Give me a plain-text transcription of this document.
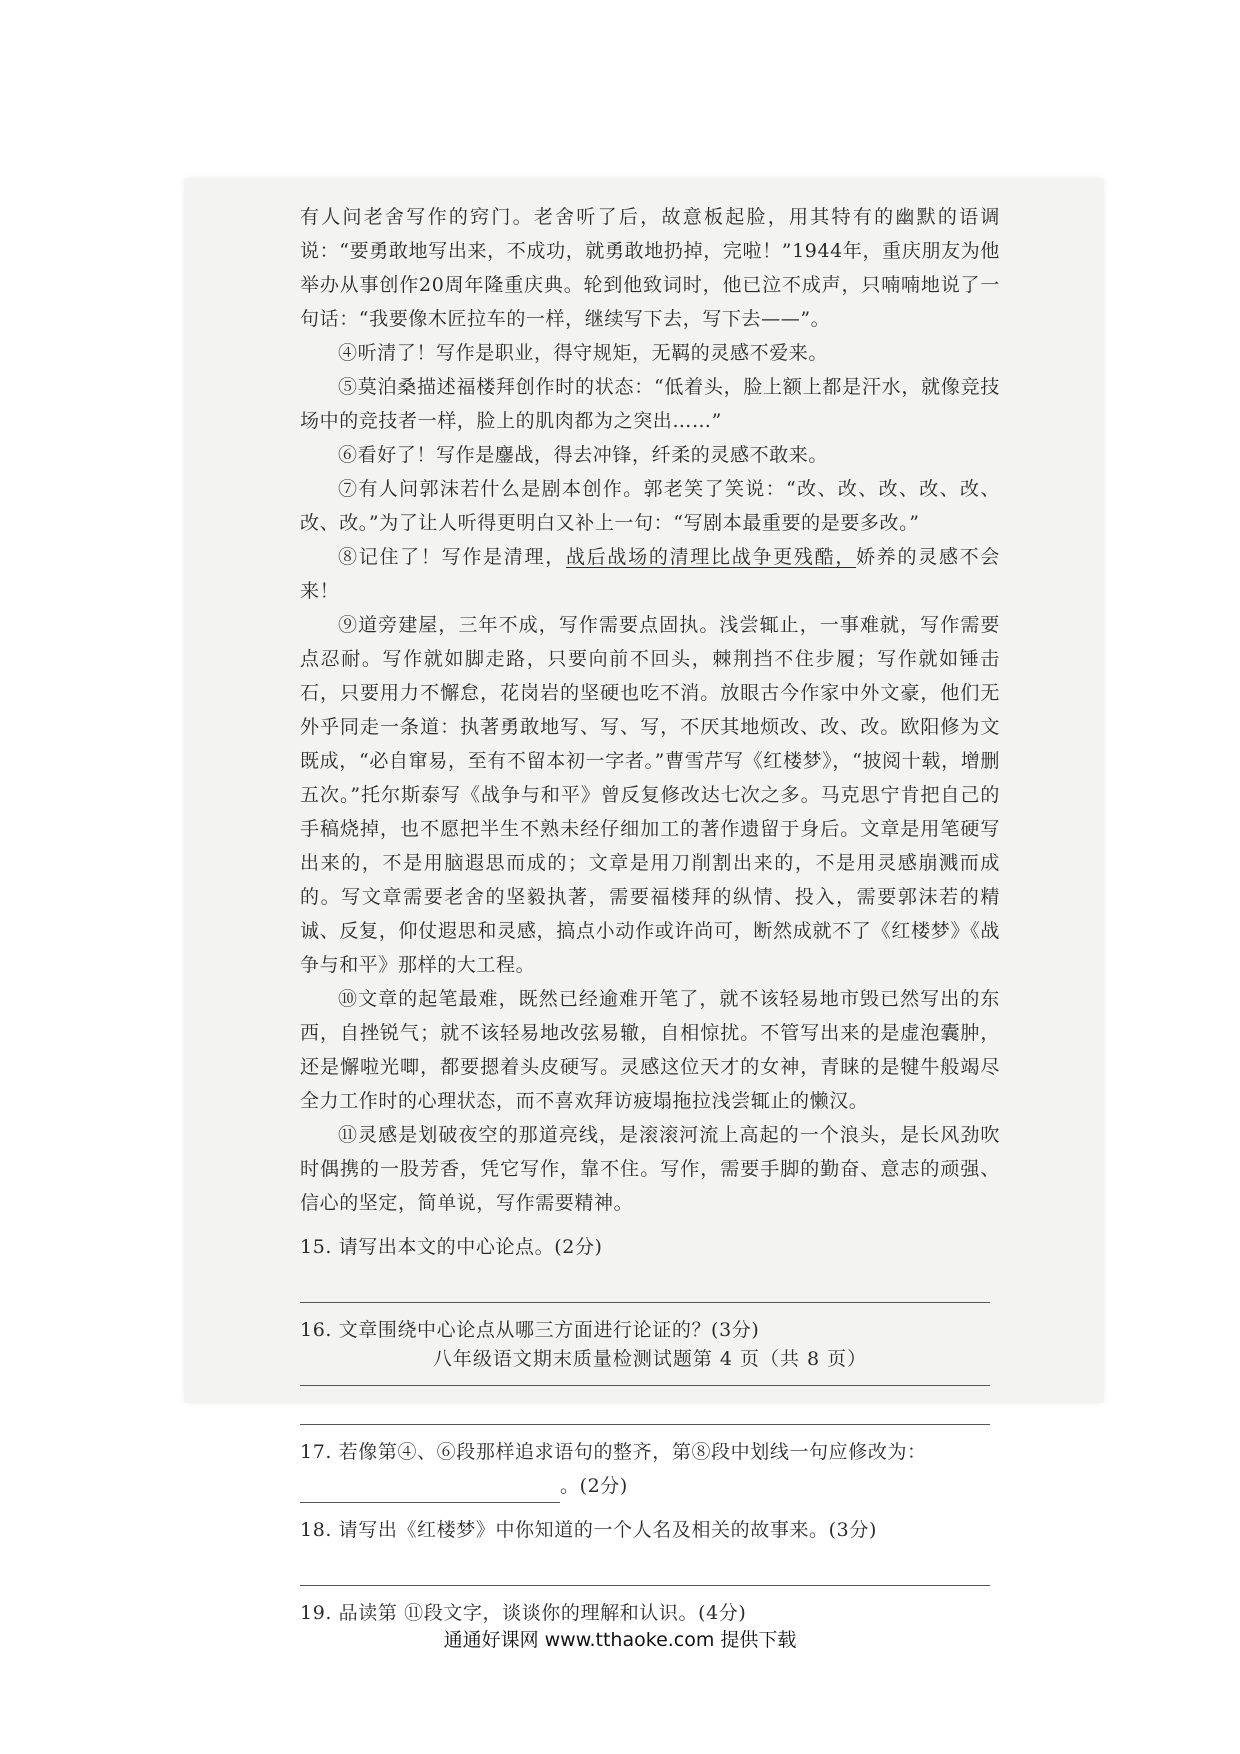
有人问老舍写作的窍门。老舍听了后，故意板起脸，用其特有的幽默的语调说：“要勇敢地写出来，不成功，就勇敢地扔掉，完啦！”1944年，重庆朋友为他举办从事创作20周年隆重庆典。轮到他致词时，他已泣不成声，只喃喃地说了一句话：“我要像木匠拉车的一样，继续写下去，写下去——”。

④听清了！写作是职业，得守规矩，无羁的灵感不爱来。

⑤莫泊桑描述福楼拜创作时的状态：“低着头，脸上额上都是汗水，就像竞技场中的竞技者一样，脸上的肌肉都为之突出……”

⑥看好了！写作是鏖战，得去冲锋，纤柔的灵感不敢来。

⑦有人问郭沫若什么是剧本创作。郭老笑了笑说：“改、改、改、改、改、改、改。”为了让人听得更明白又补上一句：“写剧本最重要的是要多改。”

⑧记住了！写作是清理，战后战场的清理比战争更残酷，娇养的灵感不会来！

⑨道旁建屋，三年不成，写作需要点固执。浅尝辄止，一事难就，写作需要点忍耐。写作就如脚走路，只要向前不回头，棘荆挡不住步履；写作就如锤击石，只要用力不懈怠，花岗岩的坚硬也吃不消。放眼古今作家中外文豪，他们无外乎同走一条道：执著勇敢地写、写、写，不厌其地烦改、改、改。欧阳修为文既成，“必自窜易，至有不留本初一字者。”曹雪芹写《红楼梦》，“披阅十载，增删五次。”托尔斯泰写《战争与和平》曾反复修改达七次之多。马克思宁肯把自己的手稿烧掉，也不愿把半生不熟未经仔细加工的著作遗留于身后。文章是用笔硬写出来的，不是用脑遐思而成的；文章是用刀削割出来的，不是用灵感崩溅而成的。写文章需要老舍的坚毅执著，需要福楼拜的纵情、投入，需要郭沫若的精诚、反复，仰仗遐思和灵感，搞点小动作或许尚可，断然成就不了《红楼梦》《战争与和平》那样的大工程。

⑩文章的起笔最难，既然已经逾难开笔了，就不该轻易地市毁已然写出的东西，自挫锐气；就不该轻易地改弦易辙，自相惊扰。不管写出来的是虚泡囊肿，还是懈啦光唧，都要摁着头皮硬写。灵感这位天才的女神，青睐的是犍牛般竭尽全力工作时的心理状态，而不喜欢拜访疲塌拖拉浅尝辄止的懒汉。

⑪灵感是划破夜空的那道亮线，是滚滚河流上高起的一个浪头，是长风劲吹时偶携的一股芳香，凭它写作，靠不住。写作，需要手脚的勤奋、意志的顽强、信心的坚定，简单说，写作需要精神。

15. 请写出本文的中心论点。(2分)

16. 文章围绕中心论点从哪三方面进行论证的？(3分)

17. 若像第④、⑥段那样追求语句的整齐，第⑧段中划线一句应修改为：

。(2分)

18. 请写出《红楼梦》中你知道的一个人名及相关的故事来。(3分)

19. 品读第 ⑪段文字，谈谈你的理解和认识。(4分)

八年级语文期末质量检测试题第 4 页（共 8 页）
通通好课网 www.tthaoke.com 提供下载
